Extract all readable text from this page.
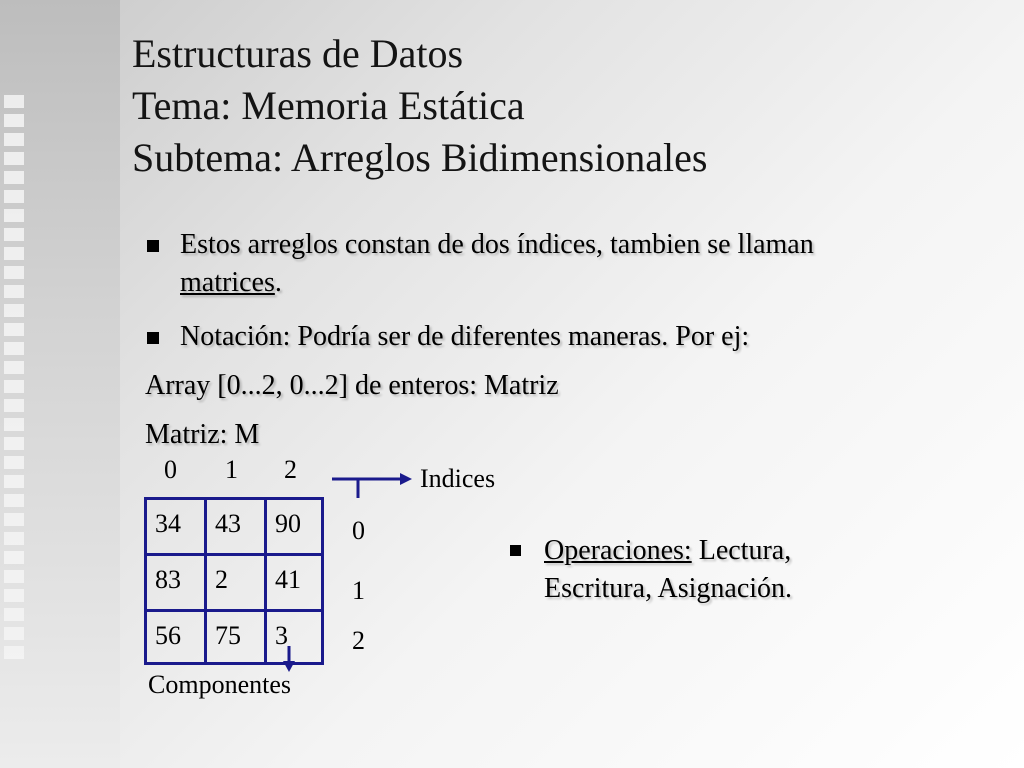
Estructuras de Datos
Tema: Memoria Estática
Subtema: Arreglos Bidimensionales
Estos arreglos constan de dos índices, tambien se llaman
matrices.
Notación: Podría ser de diferentes maneras. Por ej:
Array [0...2, 0...2] de enteros: Matriz
Matriz: M
0 1 2
34	43	90
83	2	41
56	75	3
0
1
2
Indices
Componentes
Operaciones: Lectura,
Escritura, Asignación.
